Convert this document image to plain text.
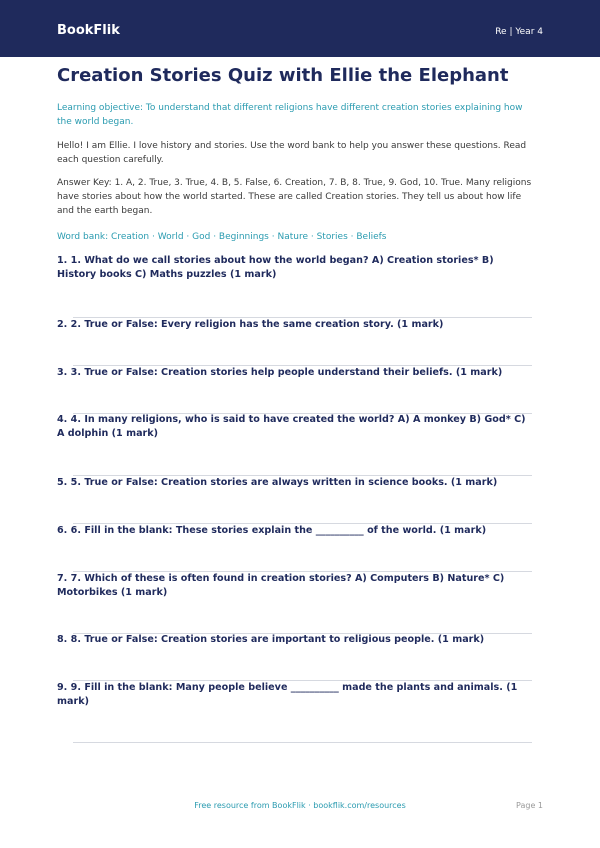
BookFlik	Re | Year 4
Creation Stories Quiz with Ellie the Elephant

Learning objective: To understand that different religions have different creation stories explaining how the world began.

Hello! I am Ellie. I love history and stories. Use the word bank to help you answer these questions. Read each question carefully.

Answer Key: 1. A, 2. True, 3. True, 4. B, 5. False, 6. Creation, 7. B, 8. True, 9. God, 10. True. Many religions have stories about how the world started. These are called Creation stories. They tell us about how life and the earth began.

Word bank: Creation · World · God · Beginnings · Nature · Stories · Beliefs

1. 1. What do we call stories about how the world began? A) Creation stories* B) History books C) Maths puzzles (1 mark)
2. 2. True or False: Every religion has the same creation story. (1 mark)
3. 3. True or False: Creation stories help people understand their beliefs. (1 mark)
4. 4. In many religions, who is said to have created the world? A) A monkey B) God* C) A dolphin (1 mark)
5. 5. True or False: Creation stories are always written in science books. (1 mark)
6. 6. Fill in the blank: These stories explain the __________ of the world. (1 mark)
7. 7. Which of these is often found in creation stories? A) Computers B) Nature* C) Motorbikes (1 mark)
8. 8. True or False: Creation stories are important to religious people. (1 mark)
9. 9. Fill in the blank: Many people believe __________ made the plants and animals. (1 mark)
Free resource from BookFlik · bookflik.com/resources	Page 1
